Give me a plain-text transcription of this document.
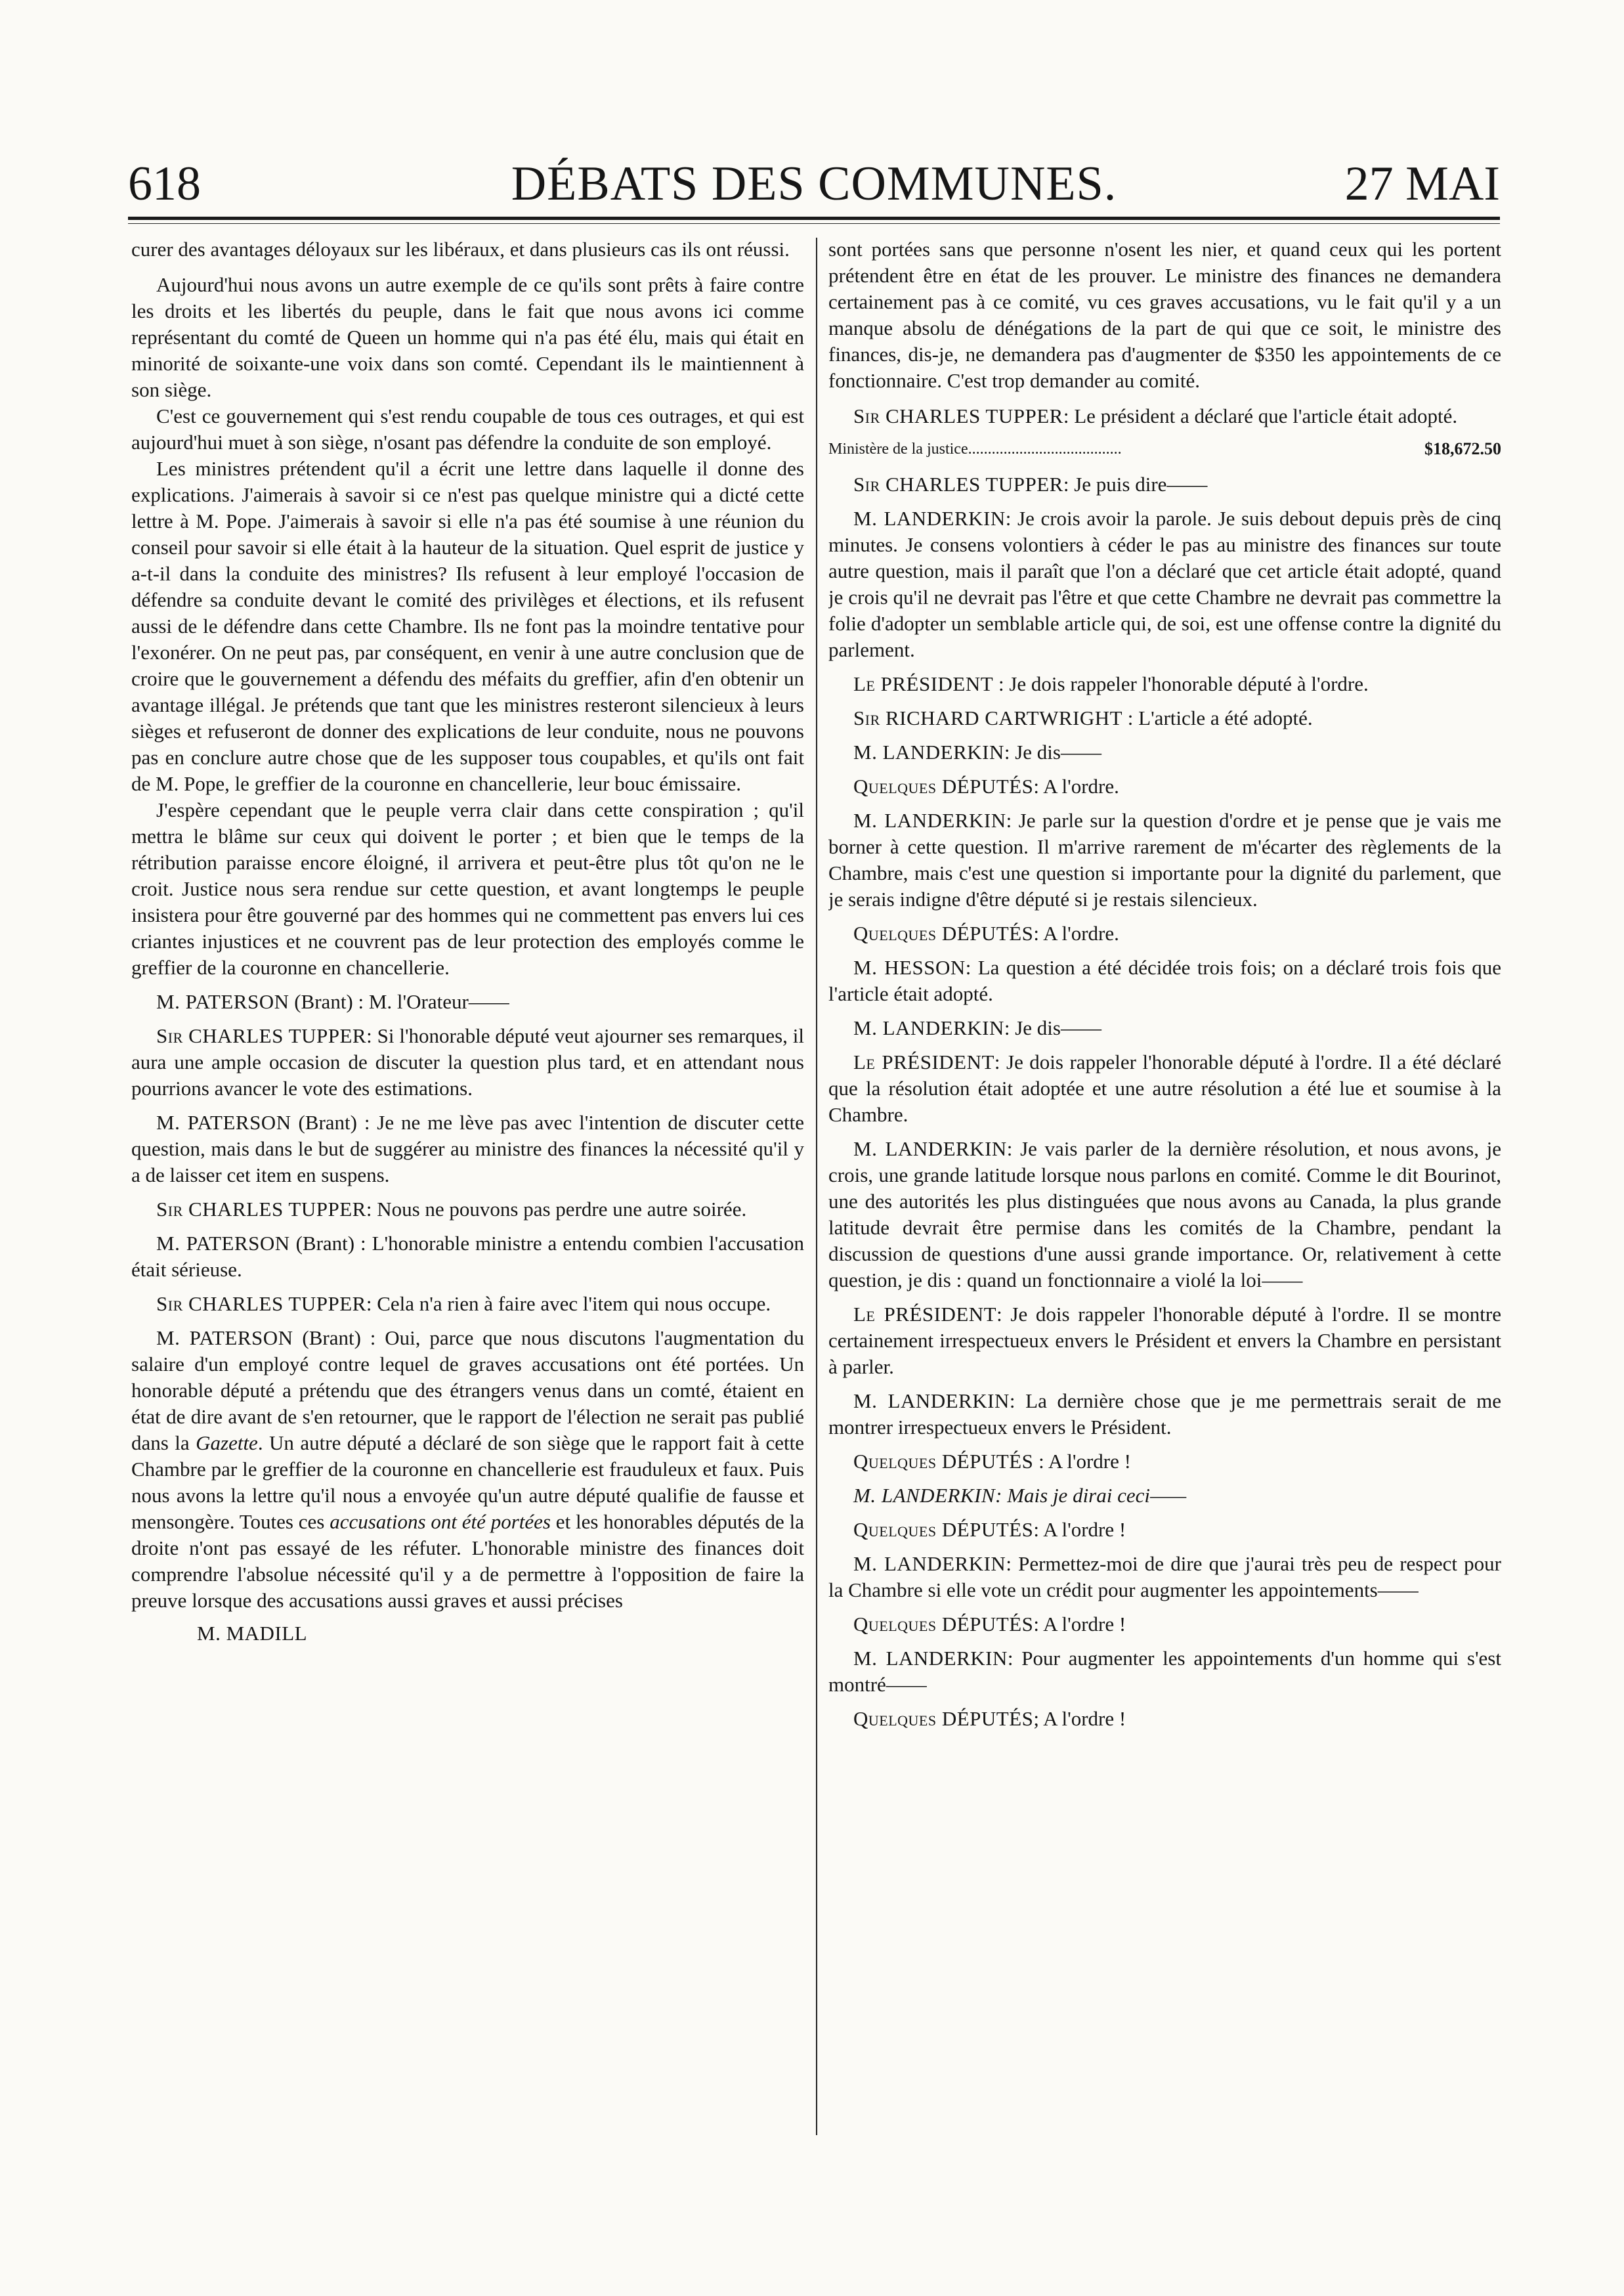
618	DÉBATS DES COMMUNES.	27 MAI

curer des avantages déloyaux sur les libéraux, et dans plusieurs cas ils ont réussi.

Aujourd'hui nous avons un autre exemple de ce qu'ils sont prêts à faire contre les droits et les libertés du peuple, dans le fait que nous avons ici comme représentant du comté de Queen un homme qui n'a pas été élu, mais qui était en minorité de soixante-une voix dans son comté. Cependant ils le maintiennent à son siège.

C'est ce gouvernement qui s'est rendu coupable de tous ces outrages, et qui est aujourd'hui muet à son siège, n'osant pas défendre la conduite de son employé.

Les ministres prétendent qu'il a écrit une lettre dans laquelle il donne des explications. J'aimerais à savoir si ce n'est pas quelque ministre qui a dicté cette lettre à M. Pope. J'aimerais à savoir si elle n'a pas été soumise à une réunion du conseil pour savoir si elle était à la hauteur de la situation. Quel esprit de justice y a-t-il dans la conduite des ministres? Ils refusent à leur employé l'occasion de défendre sa conduite devant le comité des privilèges et élections, et ils refusent aussi de le défendre dans cette Chambre. Ils ne font pas la moindre tentative pour l'exonérer. On ne peut pas, par conséquent, en venir à une autre conclusion que de croire que le gouvernement a défendu des méfaits du greffier, afin d'en obtenir un avantage illégal. Je prétends que tant que les ministres resteront silencieux à leurs sièges et refuseront de donner des explications de leur conduite, nous ne pouvons pas en conclure autre chose que de les supposer tous coupables, et qu'ils ont fait de M. Pope, le greffier de la couronne en chancellerie, leur bouc émissaire.

J'espère cependant que le peuple verra clair dans cette conspiration ; qu'il mettra le blâme sur ceux qui doivent le porter ; et bien que le temps de la rétribution paraisse encore éloigné, il arrivera et peut-être plus tôt qu'on ne le croit. Justice nous sera rendue sur cette question, et avant longtemps le peuple insistera pour être gouverné par des hommes qui ne commettent pas envers lui ces criantes injustices et ne couvrent pas de leur protection des employés comme le greffier de la couronne en chancellerie.

M. PATERSON (Brant) : M. l'Orateur——

Sir CHARLES TUPPER: Si l'honorable député veut ajourner ses remarques, il aura une ample occasion de discuter la question plus tard, et en attendant nous pourrions avancer le vote des estimations.

M. PATERSON (Brant) : Je ne me lève pas avec l'intention de discuter cette question, mais dans le but de suggérer au ministre des finances la nécessité qu'il y a de laisser cet item en suspens.

Sir CHARLES TUPPER: Nous ne pouvons pas perdre une autre soirée.

M. PATERSON (Brant) : L'honorable ministre a entendu combien l'accusation était sérieuse.

Sir CHARLES TUPPER: Cela n'a rien à faire avec l'item qui nous occupe.

M. PATERSON (Brant) : Oui, parce que nous discutons l'augmentation du salaire d'un employé contre lequel de graves accusations ont été portées. Un honorable député a prétendu que des étrangers venus dans un comté, étaient en état de dire avant de s'en retourner, que le rapport de l'élection ne serait pas publié dans la Gazette. Un autre député a déclaré de son siège que le rapport fait à cette Chambre par le greffier de la couronne en chancellerie est frauduleux et faux. Puis nous avons la lettre qu'il nous a envoyée qu'un autre député qualifie de fausse et mensongère. Toutes ces accusations ont été portées et les honorables députés de la droite n'ont pas essayé de les réfuter. L'honorable ministre des finances doit comprendre l'absolue nécessité qu'il y a de permettre à l'opposition de faire la preuve lorsque des accusations aussi graves et aussi précises

M. MADILL

sont portées sans que personne n'osent les nier, et quand ceux qui les portent prétendent être en état de les prouver. Le ministre des finances ne demandera certainement pas à ce comité, vu ces graves accusations, vu le fait qu'il y a un manque absolu de dénégations de la part de qui que ce soit, le ministre des finances, dis-je, ne demandera pas d'augmenter de $350 les appointements de ce fonctionnaire. C'est trop demander au comité.

Sir CHARLES TUPPER: Le président a déclaré que l'article était adopté.

$18,672.50
Ministère de la justice.......................................

Sir CHARLES TUPPER: Je puis dire——

M. LANDERKIN: Je crois avoir la parole. Je suis debout depuis près de cinq minutes. Je consens volontiers à céder le pas au ministre des finances sur toute autre question, mais il paraît que l'on a déclaré que cet article était adopté, quand je crois qu'il ne devrait pas l'être et que cette Chambre ne devrait pas commettre la folie d'adopter un semblable article qui, de soi, est une offense contre la dignité du parlement.

Le PRÉSIDENT : Je dois rappeler l'honorable député à l'ordre.

Sir RICHARD CARTWRIGHT : L'article a été adopté.

M. LANDERKIN: Je dis——

Quelques DÉPUTÉS: A l'ordre.

M. LANDERKIN: Je parle sur la question d'ordre et je pense que je vais me borner à cette question. Il m'arrive rarement de m'écarter des règlements de la Chambre, mais c'est une question si importante pour la dignité du parlement, que je serais indigne d'être député si je restais silencieux.

Quelques DÉPUTÉS: A l'ordre.

M. HESSON: La question a été décidée trois fois; on a déclaré trois fois que l'article était adopté.

M. LANDERKIN: Je dis——

Le PRÉSIDENT: Je dois rappeler l'honorable député à l'ordre. Il a été déclaré que la résolution était adoptée et une autre résolution a été lue et soumise à la Chambre.

M. LANDERKIN: Je vais parler de la dernière résolution, et nous avons, je crois, une grande latitude lorsque nous parlons en comité. Comme le dit Bourinot, une des autorités les plus distinguées que nous avons au Canada, la plus grande latitude devrait être permise dans les comités de la Chambre, pendant la discussion de questions d'une aussi grande importance. Or, relativement à cette question, je dis : quand un fonctionnaire a violé la loi——

Le PRÉSIDENT: Je dois rappeler l'honorable député à l'ordre. Il se montre certainement irrespectueux envers le Président et envers la Chambre en persistant à parler.

M. LANDERKIN: La dernière chose que je me permettrais serait de me montrer irrespectueux envers le Président.

Quelques DÉPUTÉS : A l'ordre !

M. LANDERKIN: Mais je dirai ceci——

Quelques DÉPUTÉS: A l'ordre !

M. LANDERKIN: Permettez-moi de dire que j'aurai très peu de respect pour la Chambre si elle vote un crédit pour augmenter les appointements——

Quelques DÉPUTÉS: A l'ordre !

M. LANDERKIN: Pour augmenter les appointements d'un homme qui s'est montré——

Quelques DÉPUTÉS; A l'ordre !
